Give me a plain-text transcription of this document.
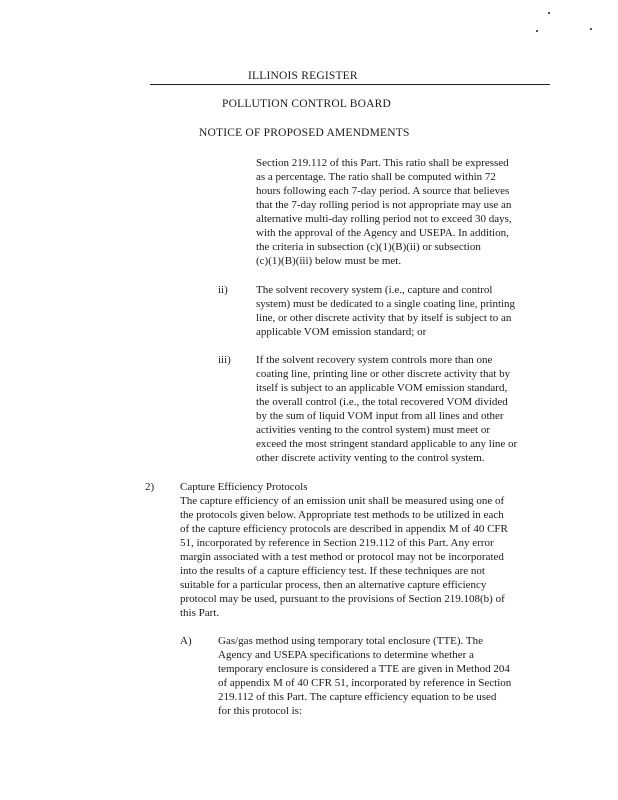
ILLINOIS REGISTER
POLLUTION CONTROL BOARD
NOTICE OF PROPOSED AMENDMENTS
Section 219.112 of this Part. This ratio shall be expressed
as a percentage. The ratio shall be computed within 72
hours following each 7-day period. A source that believes
that the 7-day rolling period is not appropriate may use an
alternative multi-day rolling period not to exceed 30 days,
with the approval of the Agency and USEPA. In addition,
the criteria in subsection (c)(1)(B)(ii) or subsection
(c)(1)(B)(iii) below must be met.
ii)	The solvent recovery system (i.e., capture and control
system) must be dedicated to a single coating line, printing
line, or other discrete activity that by itself is subject to an
applicable VOM emission standard; or
iii) If the solvent recovery system controls more than one
coating line, printing line or other discrete activity that by
itself is subject to an applicable VOM emission standard,
the overall control (i.e., the total recovered VOM divided
by the sum of liquid VOM input from all lines and other
activities venting to the control system) must meet or
exceed the most stringent standard applicable to any line or
other discrete activity venting to the control system.
2) Capture Efficiency Protocols
The capture efficiency of an emission unit shall be measured using one of
the protocols given below. Appropriate test methods to be utilized in each
of the capture efficiency protocols are described in appendix M of 40 CFR
51, incorporated by reference in Section 219.112 of this Part. Any error
margin associated with a test method or protocol may not be incorporated
into the results of a capture efficiency test. If these techniques are not
suitable for a particular process, then an alternative capture efficiency
protocol may be used, pursuant to the provisions of Section 219.108(b) of
this Part.
A) Gas/gas method using temporary total enclosure (TTE). The
Agency and USEPA specifications to determine whether a
temporary enclosure is considered a TTE are given in Method 204
of appendix M of 40 CFR 51, incorporated by reference in Section
219.112 of this Part. The capture efficiency equation to be used
for this protocol is:
